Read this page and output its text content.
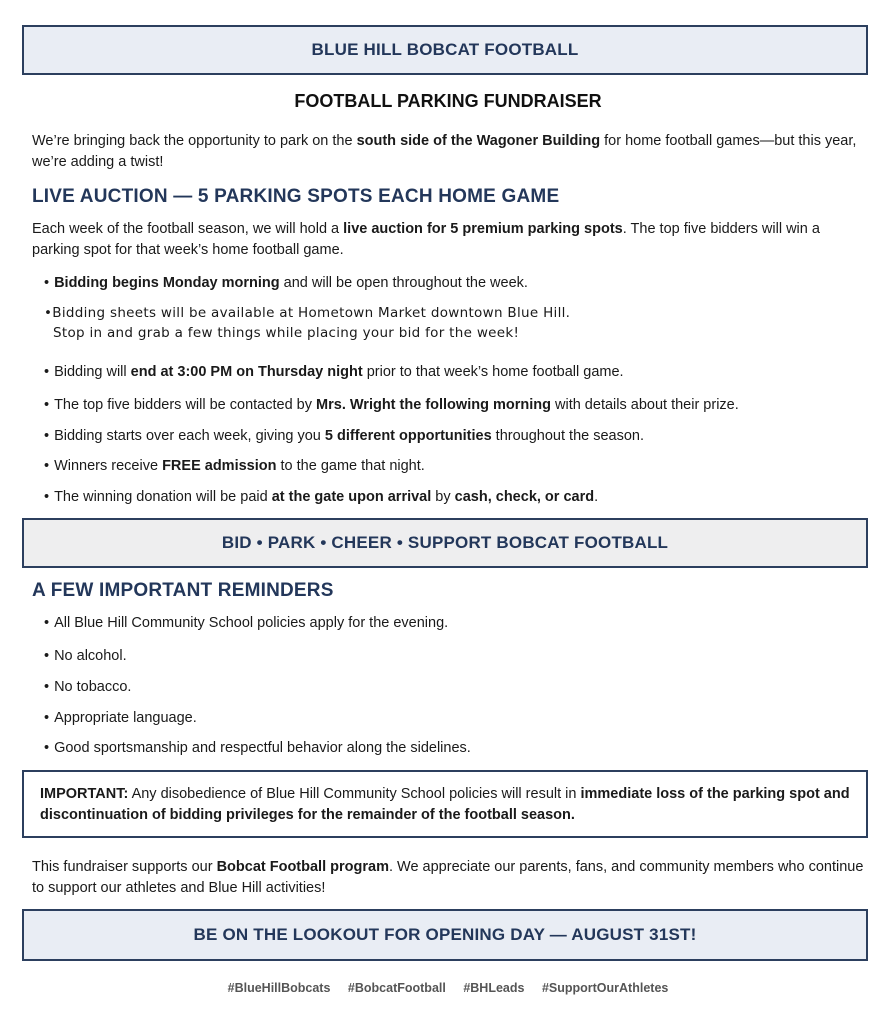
BLUE HILL BOBCAT FOOTBALL
FOOTBALL PARKING FUNDRAISER
We’re bringing back the opportunity to park on the south side of the Wagoner Building for home football games—but this year, we’re adding a twist!
LIVE AUCTION — 5 PARKING SPOTS EACH HOME GAME
Each week of the football season, we will hold a live auction for 5 premium parking spots. The top five bidders will win a parking spot for that week’s home football game.
• Bidding begins Monday morning and will be open throughout the week.
•Bidding sheets will be available at Hometown Market downtown Blue Hill.
Stop in and grab a few things while placing your bid for the week!
• Bidding will end at 3:00 PM on Thursday night prior to that week’s home football game.
• The top five bidders will be contacted by Mrs. Wright the following morning with details about their prize.
• Bidding starts over each week, giving you 5 different opportunities throughout the season.
• Winners receive FREE admission to the game that night.
• The winning donation will be paid at the gate upon arrival by cash, check, or card.
BID • PARK • CHEER • SUPPORT BOBCAT FOOTBALL
A FEW IMPORTANT REMINDERS
• All Blue Hill Community School policies apply for the evening.
• No alcohol.
• No tobacco.
• Appropriate language.
• Good sportsmanship and respectful behavior along the sidelines.
IMPORTANT: Any disobedience of Blue Hill Community School policies will result in immediate loss of the parking spot and discontinuation of bidding privileges for the remainder of the football season.
This fundraiser supports our Bobcat Football program. We appreciate our parents, fans, and community members who continue to support our athletes and Blue Hill activities!
BE ON THE LOOKOUT FOR OPENING DAY — AUGUST 31ST!
#BlueHillBobcats #BobcatFootball #BHLeads #SupportOurAthletes
